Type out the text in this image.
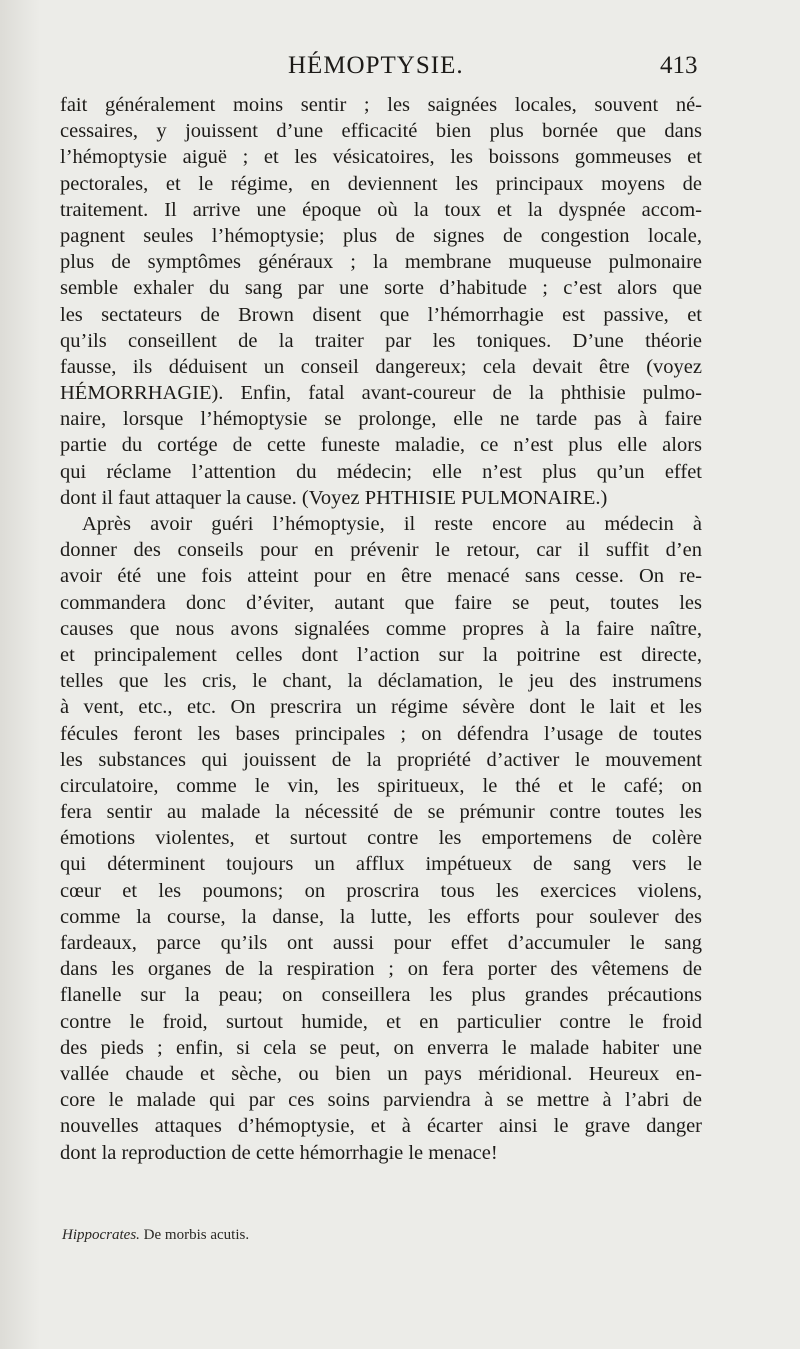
HÉMOPTYSIE.	413
fait généralement moins sentir ; les saignées locales, souvent né-
cessaires, y jouissent d’une efficacité bien plus bornée que dans
l’hémoptysie aiguë ; et les vésicatoires, les boissons gommeuses et
pectorales, et le régime, en deviennent les principaux moyens de
traitement. Il arrive une époque où la toux et la dyspnée accom-
pagnent seules l’hémoptysie; plus de signes de congestion locale,
plus de symptômes généraux ; la membrane muqueuse pulmonaire
semble exhaler du sang par une sorte d’habitude ; c’est alors que
les sectateurs de Brown disent que l’hémorrhagie est passive, et
qu’ils conseillent de la traiter par les toniques. D’une théorie
fausse, ils déduisent un conseil dangereux; cela devait être (voyez
HÉMORRHAGIE). Enfin, fatal avant-coureur de la phthisie pulmo-
naire, lorsque l’hémoptysie se prolonge, elle ne tarde pas à faire
partie du cortége de cette funeste maladie, ce n’est plus elle alors
qui réclame l’attention du médecin; elle n’est plus qu’un effet
dont il faut attaquer la cause. (Voyez PHTHISIE PULMONAIRE.)
Après avoir guéri l’hémoptysie, il reste encore au médecin à
donner des conseils pour en prévenir le retour, car il suffit d’en
avoir été une fois atteint pour en être menacé sans cesse. On re-
commandera donc d’éviter, autant que faire se peut, toutes les
causes que nous avons signalées comme propres à la faire naître,
et principalement celles dont l’action sur la poitrine est directe,
telles que les cris, le chant, la déclamation, le jeu des instrumens
à vent, etc., etc. On prescrira un régime sévère dont le lait et les
fécules feront les bases principales ; on défendra l’usage de toutes
les substances qui jouissent de la propriété d’activer le mouvement
circulatoire, comme le vin, les spiritueux, le thé et le café; on
fera sentir au malade la nécessité de se prémunir contre toutes les
émotions violentes, et surtout contre les emportemens de colère
qui déterminent toujours un afflux impétueux de sang vers le
cœur et les poumons; on proscrira tous les exercices violens,
comme la course, la danse, la lutte, les efforts pour soulever des
fardeaux, parce qu’ils ont aussi pour effet d’accumuler le sang
dans les organes de la respiration ; on fera porter des vêtemens de
flanelle sur la peau; on conseillera les plus grandes précautions
contre le froid, surtout humide, et en particulier contre le froid
des pieds ; enfin, si cela se peut, on enverra le malade habiter une
vallée chaude et sèche, ou bien un pays méridional. Heureux en-
core le malade qui par ces soins parviendra à se mettre à l’abri de
nouvelles attaques d’hémoptysie, et à écarter ainsi le grave danger
dont la reproduction de cette hémorrhagie le menace!
Hippocrates. De morbis acutis.
